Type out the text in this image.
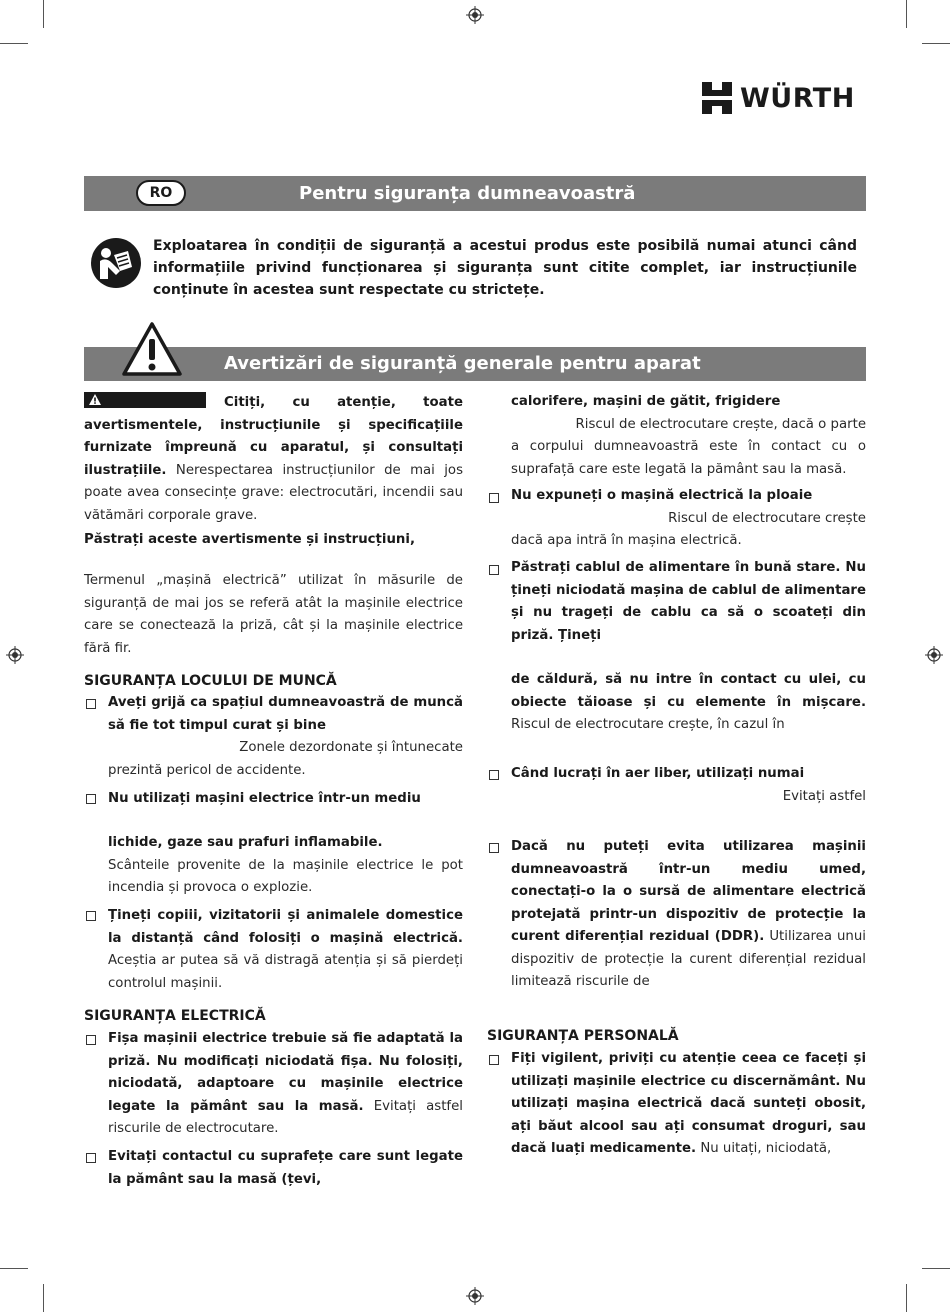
WÜRTH
RO	Pentru siguranța dumneavoastră
Exploatarea în condiții de siguranță a acestui produs este posibilă numai atunci când informațiile privind funcționarea și siguranța sunt citite complet, iar instrucțiunile conținute în acestea sunt respectate cu strictețe.
Avertizări de siguranță generale pentru aparat
Citiți, cu atenție, toate avertismentele, instrucțiunile și specificațiile furnizate împreună cu aparatul, și consultați ilustrațiile. Nerespectarea instrucțiunilor de mai jos poate avea consecințe grave: electrocutări, incendii sau vătămări corporale grave.
Păstrați aceste avertismente și instrucțiuni,
Termenul „mașină electrică” utilizat în măsurile de siguranță de mai jos se referă atât la mașinile electrice care se conectează la priză, cât și la mașinile electrice fără fir.
SIGURANȚA LOCULUI DE MUNCĂ

Aveți grijă ca spațiul dumneavoastră de muncă să fie tot timpul curat și bine

Zonele dezordonate și întunecate

prezintă pericol de accidente.

Nu utilizați mașini electrice într-un mediu

lichide, gaze sau prafuri inflamabile.

Scânteile provenite de la mașinile electrice le pot incendia și provoca o explozie.

Țineți copiii, vizitatorii și animalele domestice la distanță când folosiți o mașină electrică. Aceștia ar putea să vă distragă atenția și să pierdeți controlul mașinii.
SIGURANȚA ELECTRICĂ
Fișa mașinii electrice trebuie să fie adaptată la priză. Nu modificați niciodată fișa. Nu folosiți, niciodată, adaptoare cu mașinile electrice legate la pământ sau la masă. Evitați astfel riscurile de electrocutare.
Evitați contactul cu suprafețe care sunt legate la pământ sau la masă (țevi,

calorifere, mașini de gătit, frigidere

Riscul de electrocutare crește, dacă o parte

a corpului dumneavoastră este în contact cu o suprafață care este legată la pământ sau la masă.

Nu expuneți o mașină electrică la ploaie

Riscul de electrocutare crește

dacă apa intră în mașina electrică.

Păstrați cablul de alimentare în bună stare. Nu țineți niciodată mașina de cablul de alimentare și nu trageți de cablu ca să o scoateți din priză. Țineți
de căldură, să nu intre în contact cu ulei, cu obiecte tăioase și cu elemente în mișcare. Riscul de electrocutare crește, în cazul în

Când lucrați în aer liber, utilizați numai

Evitați astfel

Dacă nu puteți evita utilizarea mașinii dumneavoastră într-un mediu umed, conectați-o la o sursă de alimentare electrică protejată printr-un dispozitiv de protecție la curent diferențial rezidual (DDR). Utilizarea unui dispozitiv de protecție la curent diferențial rezidual limitează riscurile de
SIGURANȚA PERSONALĂ
Fiți vigilent, priviți cu atenție ceea ce faceți și utilizați mașinile electrice cu discernământ. Nu utilizați mașina electrică dacă sunteți obosit, ați băut alcool sau ați consumat droguri, sau dacă luați medicamente. Nu uitați, niciodată,
